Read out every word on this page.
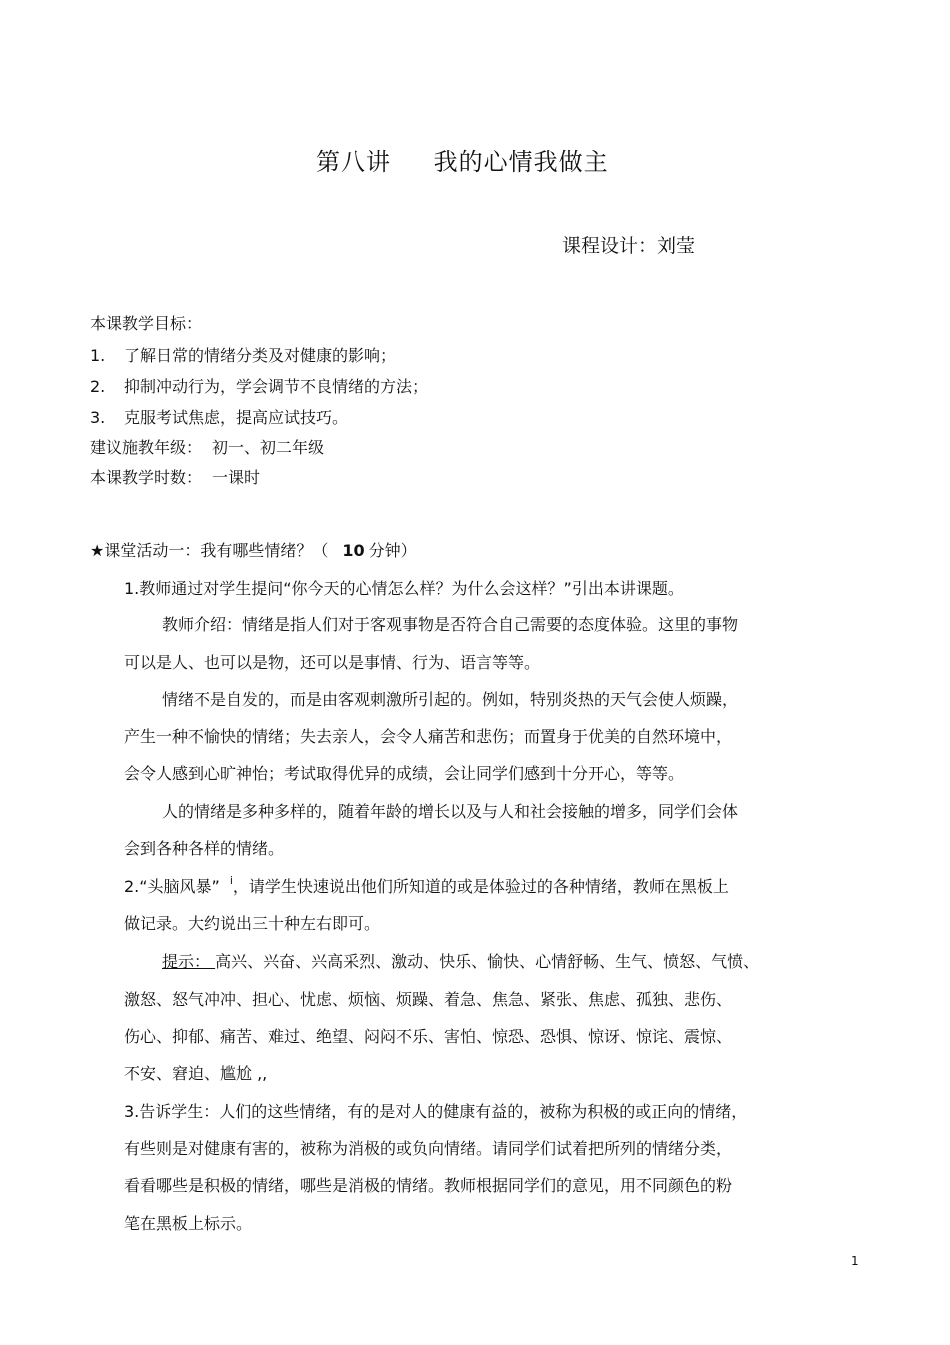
第八讲 我的心情我做主
课程设计：刘莹
本课教学目标：
1. 了解日常的情绪分类及对健康的影响；
2. 抑制冲动行为，学会调节不良情绪的方法；
3. 克服考试焦虑，提高应试技巧。
建议施教年级： 初一、初二年级
本课教学时数： 一课时
★课堂活动一：我有哪些情绪？（ 10 分钟）
1.教师通过对学生提问“你今天的心情怎么样？为什么会这样？”引出本讲课题。
教师介绍：情绪是指人们对于客观事物是否符合自己需要的态度体验。这里的事物
可以是人、也可以是物，还可以是事情、行为、语言等等。
情绪不是自发的，而是由客观刺激所引起的。例如，特别炎热的天气会使人烦躁，
产生一种不愉快的情绪；失去亲人，会令人痛苦和悲伤；而置身于优美的自然环境中，
会令人感到心旷神怡；考试取得优异的成绩，会让同学们感到十分开心，等等。
人的情绪是多种多样的，随着年龄的增长以及与人和社会接触的增多，同学们会体
会到各种各样的情绪。
2.“头脑风暴” $^i$，请学生快速说出他们所知道的或是体验过的各种情绪，教师在黑板上
做记录。大约说出三十种左右即可。
提示： 高兴、兴奋、兴高采烈、激动、快乐、愉快、心情舒畅、生气、愤怒、气愤、
激怒、怒气冲冲、担心、忧虑、烦恼、烦躁、着急、焦急、紧张、焦虑、孤独、悲伤、
伤心、抑郁、痛苦、难过、绝望、闷闷不乐、害怕、惊恐、恐惧、惊讶、惊诧、震惊、
不安、窘迫、尴尬 ,,
3.告诉学生：人们的这些情绪，有的是对人的健康有益的，被称为积极的或正向的情绪，
有些则是对健康有害的，被称为消极的或负向情绪。请同学们试着把所列的情绪分类，
看看哪些是积极的情绪，哪些是消极的情绪。教师根据同学们的意见，用不同颜色的粉
笔在黑板上标示。
1
